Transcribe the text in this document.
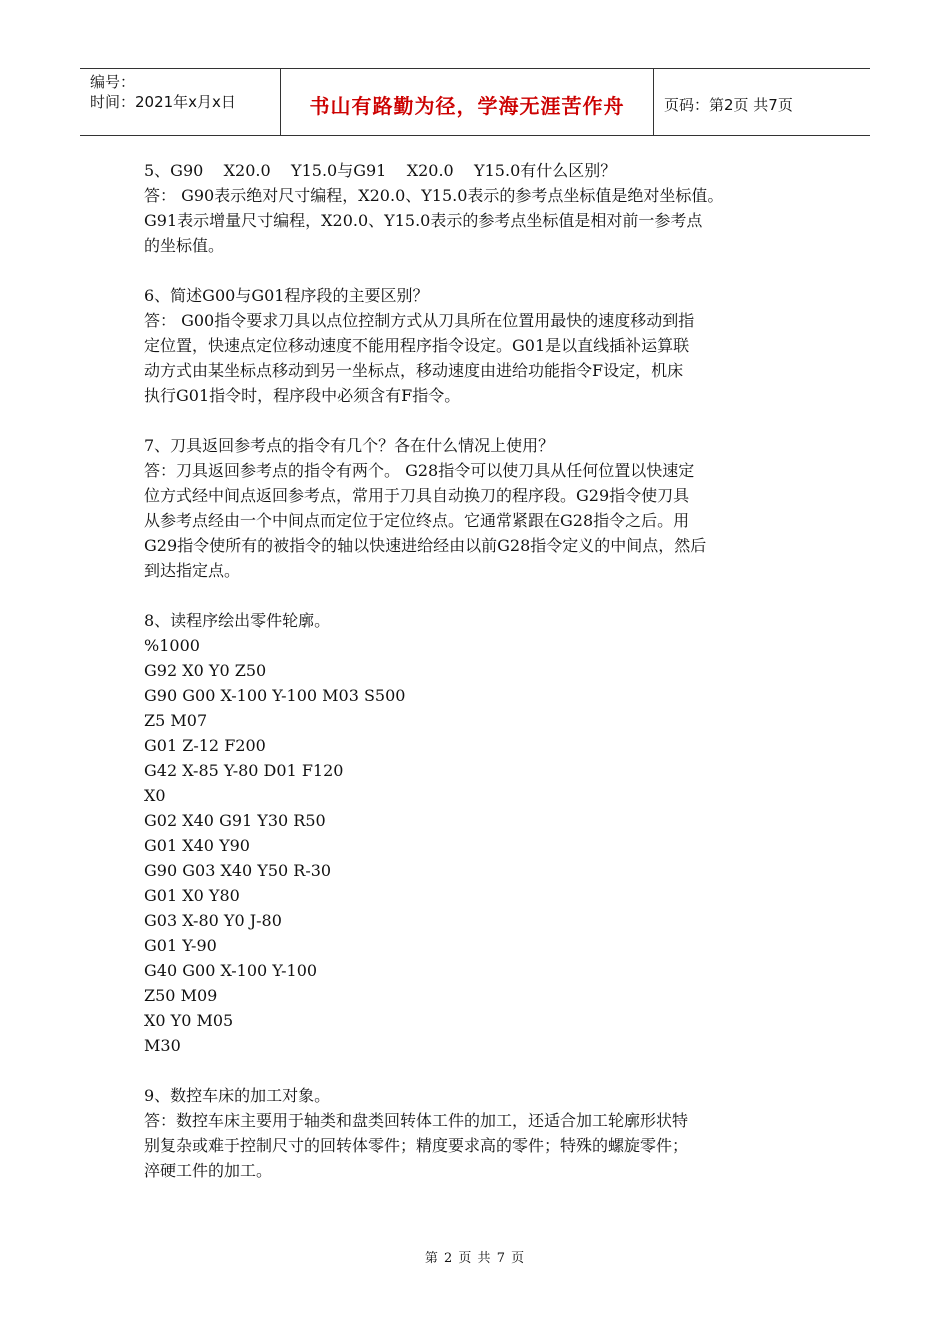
编号：
时间：2021年x月x日	书山有路勤为径，学海无涯苦作舟	页码：第2页 共7页
5、G90    X20.0    Y15.0与G91    X20.0    Y15.0有什么区别？
答： G90表示绝对尺寸编程，X20.0、Y15.0表示的参考点坐标值是绝对坐标值。
G91表示增量尺寸编程，X20.0、Y15.0表示的参考点坐标值是相对前一参考点
的坐标值。
6、简述G00与G01程序段的主要区别？
答： G00指令要求刀具以点位控制方式从刀具所在位置用最快的速度移动到指
定位置，快速点定位移动速度不能用程序指令设定。G01是以直线插补运算联
动方式由某坐标点移动到另一坐标点，移动速度由进给功能指令F设定，机床
执行G01指令时，程序段中必须含有F指令。
7、刀具返回参考点的指令有几个？各在什么情况上使用？
答：刀具返回参考点的指令有两个。 G28指令可以使刀具从任何位置以快速定
位方式经中间点返回参考点，常用于刀具自动换刀的程序段。G29指令使刀具
从参考点经由一个中间点而定位于定位终点。它通常紧跟在G28指令之后。用
G29指令使所有的被指令的轴以快速进给经由以前G28指令定义的中间点，然后
到达指定点。
8、读程序绘出零件轮廓。
%1000
G92 X0 Y0 Z50
G90 G00 X-100 Y-100 M03 S500
Z5 M07
G01 Z-12 F200
G42 X-85 Y-80 D01 F120
X0
G02 X40 G91 Y30 R50
G01 X40 Y90
G90 G03 X40 Y50 R-30
G01 X0 Y80
G03 X-80 Y0 J-80
G01 Y-90
G40 G00 X-100 Y-100
Z50 M09
X0 Y0 M05
M30
9、数控车床的加工对象。
答：数控车床主要用于轴类和盘类回转体工件的加工，还适合加工轮廓形状特
别复杂或难于控制尺寸的回转体零件；精度要求高的零件；特殊的螺旋零件；
淬硬工件的加工。
第 2 页 共 7 页
